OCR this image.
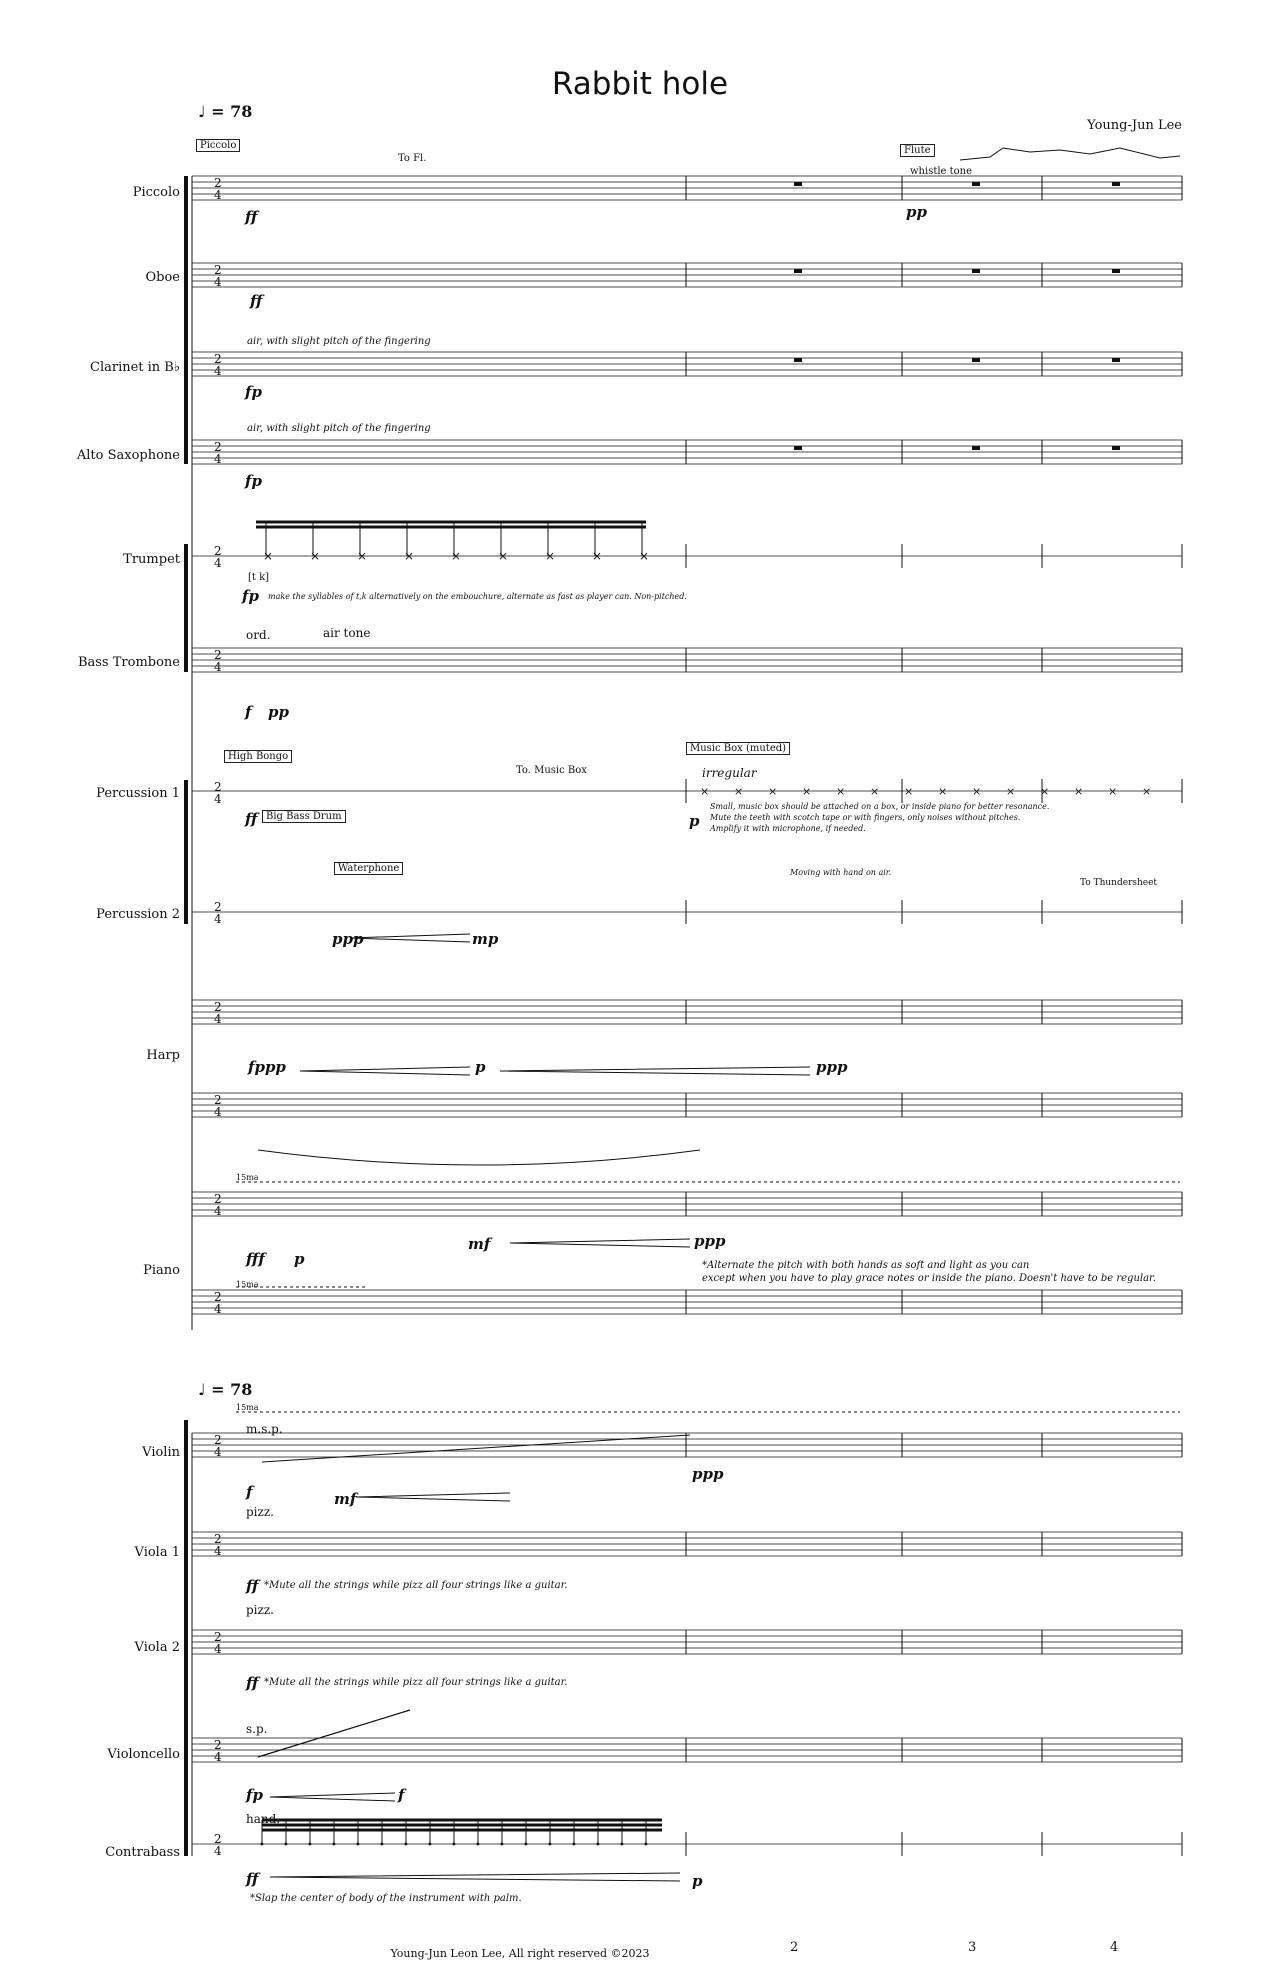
♪
♪
♪
♪
♪
♪
♪
♪
♪
♪
♪
♪
2
4
2
4
2
4
2
4
2
4
2
4
2
4
2
4
2
4
2
4
2
4
2
4
2
4
2
4
2
4
2
4
2
4
15ma
15ma
15ma
×	×	×	×	×	×	×	×	×
× × × × × × × × × × × × × ×
• • • • • • • • • • • • • • • • •
Rabbit hole
Young-Jun Lee
♩ = 78
♩ = 78
Piccolo
Oboe
Clarinet in B♭
Alto Saxophone
Trumpet
Bass Trombone
Percussion 1
Percussion 2
Harp
Piano
Violin
Viola 1
Viola 2
Violoncello
Contrabass
Piccolo
To Fl.
Flute
whistle tone
ff	pp
ff
air, with slight pitch of the fingering
fp
air, with slight pitch of the fingering
fp
[t k]
fp make the syllables of t,k alternatively on the embouchure, alternate as fast as player can. Non-pitched.
ord.	air tone
f pp
High Bongo
To. Music Box
Music Box (muted)
irregular
ff Big Bass Drum	p
Small, music box should be attached on a box, or inside piano for better resonance.
Mute the teeth with scotch tape or with fingers, only noises without pitches.
Amplify it with microphone, if needed.
Waterphone	Moving with hand on air.
To Thundersheet
ppp	mp
fppp	p	ppp
fff p
mf	ppp
*Alternate the pitch with both hands as soft and light as you can
except when you have to play grace notes or inside the piano. Doesn't have to be regular.
m.s.p.
f	mf
ppp
pizz.
ff *Mute all the strings while pizz all four strings like a guitar.
pizz.
ff *Mute all the strings while pizz all four strings like a guitar.
s.p.
fp	f
hand.
ff	p
*Slap the center of body of the instrument with palm.
Young-Jun Leon Lee, All right reserved ©2023	2	3	4
